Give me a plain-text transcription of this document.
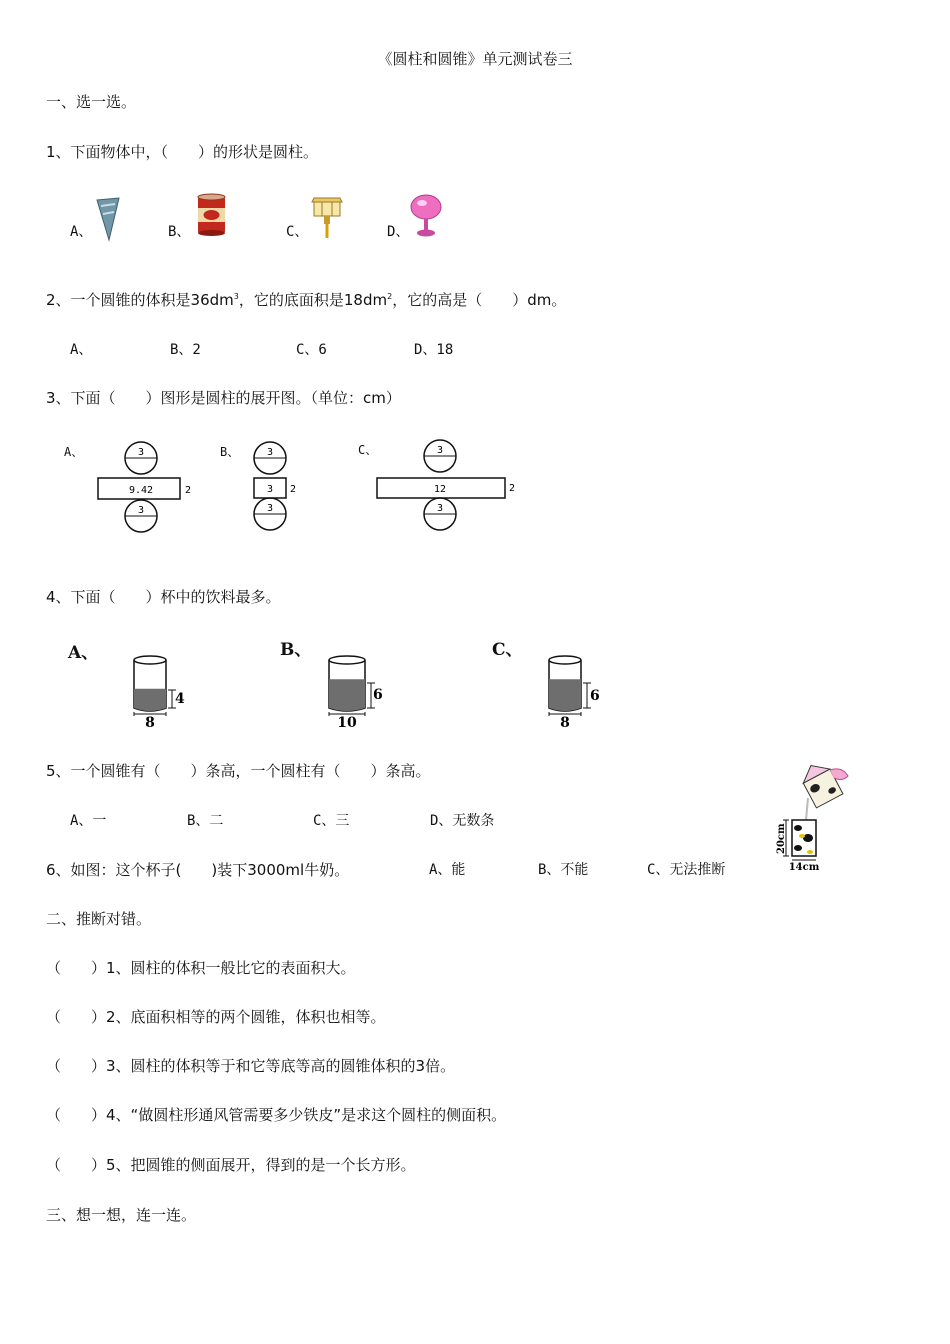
《圆柱和圆锥》单元测试卷三
一、选一选。
1、下面物体中，（　　）的形状是圆柱。
A、	B、	C、	D、
2、一个圆锥的体积是$36dm^3$，它的底面积是$18dm^2$，它的高是（　　）dm。
A、	B、2	C、6	D、18
3、下面（　　）图形是圆柱的展开图。（单位：cm）
A、	3
9.42
3
2
B、	3
3
3
2
C、	3
12
3
2
4、下面（　　）杯中的饮料最多。
A、
4
8
B、
6
10
C、
6
8
5、一个圆锥有（　　）条高，一个圆柱有（　　）条高。
A、一	B、二	C、三	D、无数条
6、如图：这个杯子(　　)装下3000ml牛奶。	A、能	B、不能	C、无法推断
20cm
14cm
二、推断对错。
（　　）1、圆柱的体积一般比它的表面积大。
（　　）2、底面积相等的两个圆锥，体积也相等。
（　　）3、圆柱的体积等于和它等底等高的圆锥体积的3倍。
（　　）4、“做圆柱形通风管需要多少铁皮”是求这个圆柱的侧面积。
（　　）5、把圆锥的侧面展开，得到的是一个长方形。
三、想一想，连一连。
